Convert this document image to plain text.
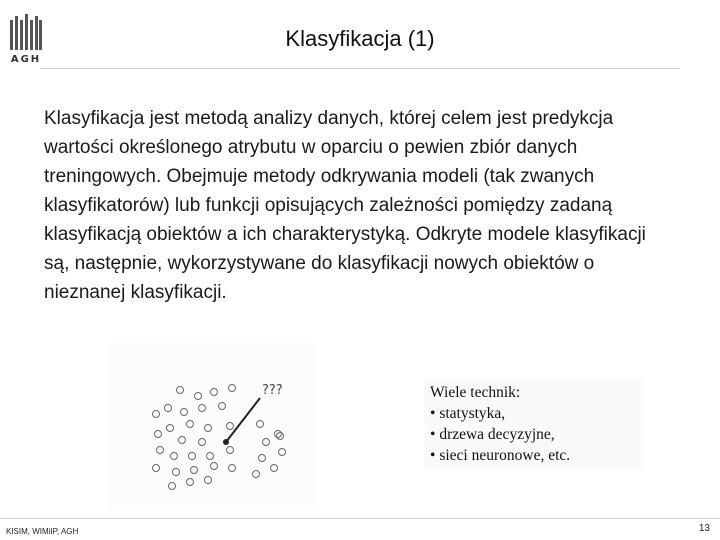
AGH
Klasyfikacja (1)

Klasyfikacja jest metodą analizy danych, której celem jest predykcja wartości określonego atrybutu w oparciu o pewien zbiór danych treningowych. Obejmuje metody odkrywania modeli (tak zwanych klasyfikatorów) lub funkcji opisujących zależności pomiędzy zadaną klasyfikacją obiektów a ich charakterystyką. Odkryte modele klasyfikacji są, następnie, wykorzystywane do klasyfikacji nowych obiektów o nieznanej klasyfikacji.

???	Wiele technik:
• statystyka,
• drzewa decyzyjne,
• sieci neuronowe, etc.
KISIM, WIMiIP, AGH	13
